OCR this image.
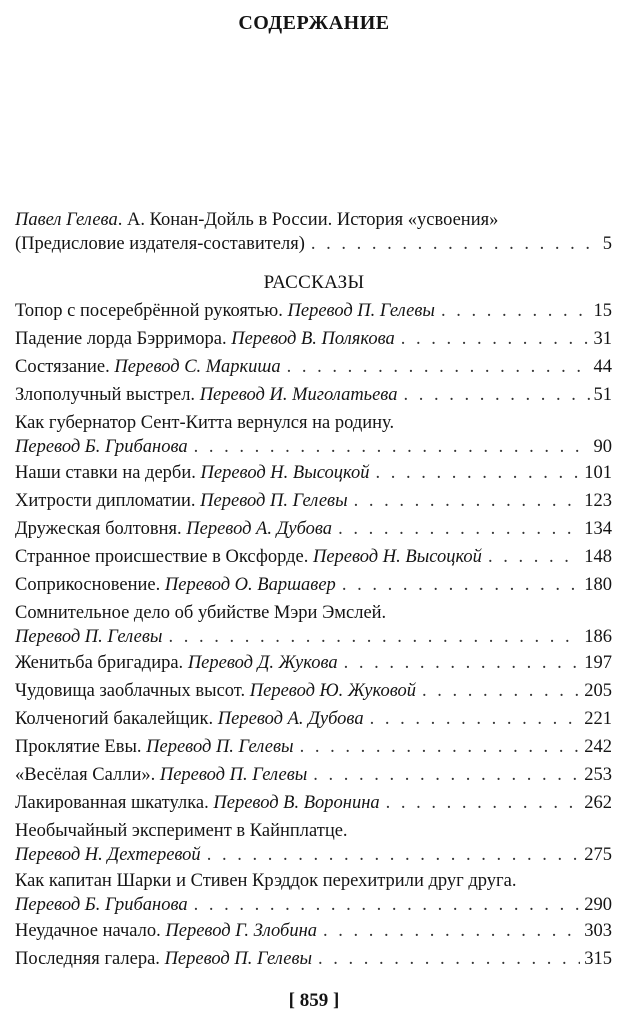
СОДЕРЖАНИЕ
Павел Гелева. А. Конан-Дойль в России. История «усвоения»
(Предисловие издателя-составителя) . . .	5
РАССКАЗЫ
Топор с посеребрённой рукоятью. Перевод П. Гелевы . . .	15
Падение лорда Бэрримора. Перевод В. Полякова . . .	31
Состязание. Перевод С. Маркиша . . .	44
Злополучный выстрел. Перевод И. Миголатьева . . .	51
Как губернатор Сент-Китта вернулся на родину.
Перевод Б. Грибанова . . .	90
Наши ставки на дерби. Перевод Н. Высоцкой . . .	101
Хитрости дипломатии. Перевод П. Гелевы . . .	123
Дружеская болтовня. Перевод А. Дубова . . .	134
Странное происшествие в Оксфорде. Перевод Н. Высоцкой . . .	148
Соприкосновение. Перевод О. Варшавер . . .	180
Сомнительное дело об убийстве Мэри Эмслей.
Перевод П. Гелевы . . .	186
Женитьба бригадира. Перевод Д. Жукова . . .	197
Чудовища заоблачных высот. Перевод Ю. Жуковой . . .	205
Колченогий бакалейщик. Перевод А. Дубова . . .	221
Проклятие Евы. Перевод П. Гелевы . . .	242
«Весёлая Салли». Перевод П. Гелевы . . .	253
Лакированная шкатулка. Перевод В. Воронина . . .	262
Необычайный эксперимент в Кайнплатце.
Перевод Н. Дехтеревой . . .	275
Как капитан Шарки и Стивен Крэддок перехитрили друг друга.
Перевод Б. Грибанова . . .	290
Неудачное начало. Перевод Г. Злобина . . .	303
Последняя галера. Перевод П. Гелевы . . .	315
[ 859 ]
